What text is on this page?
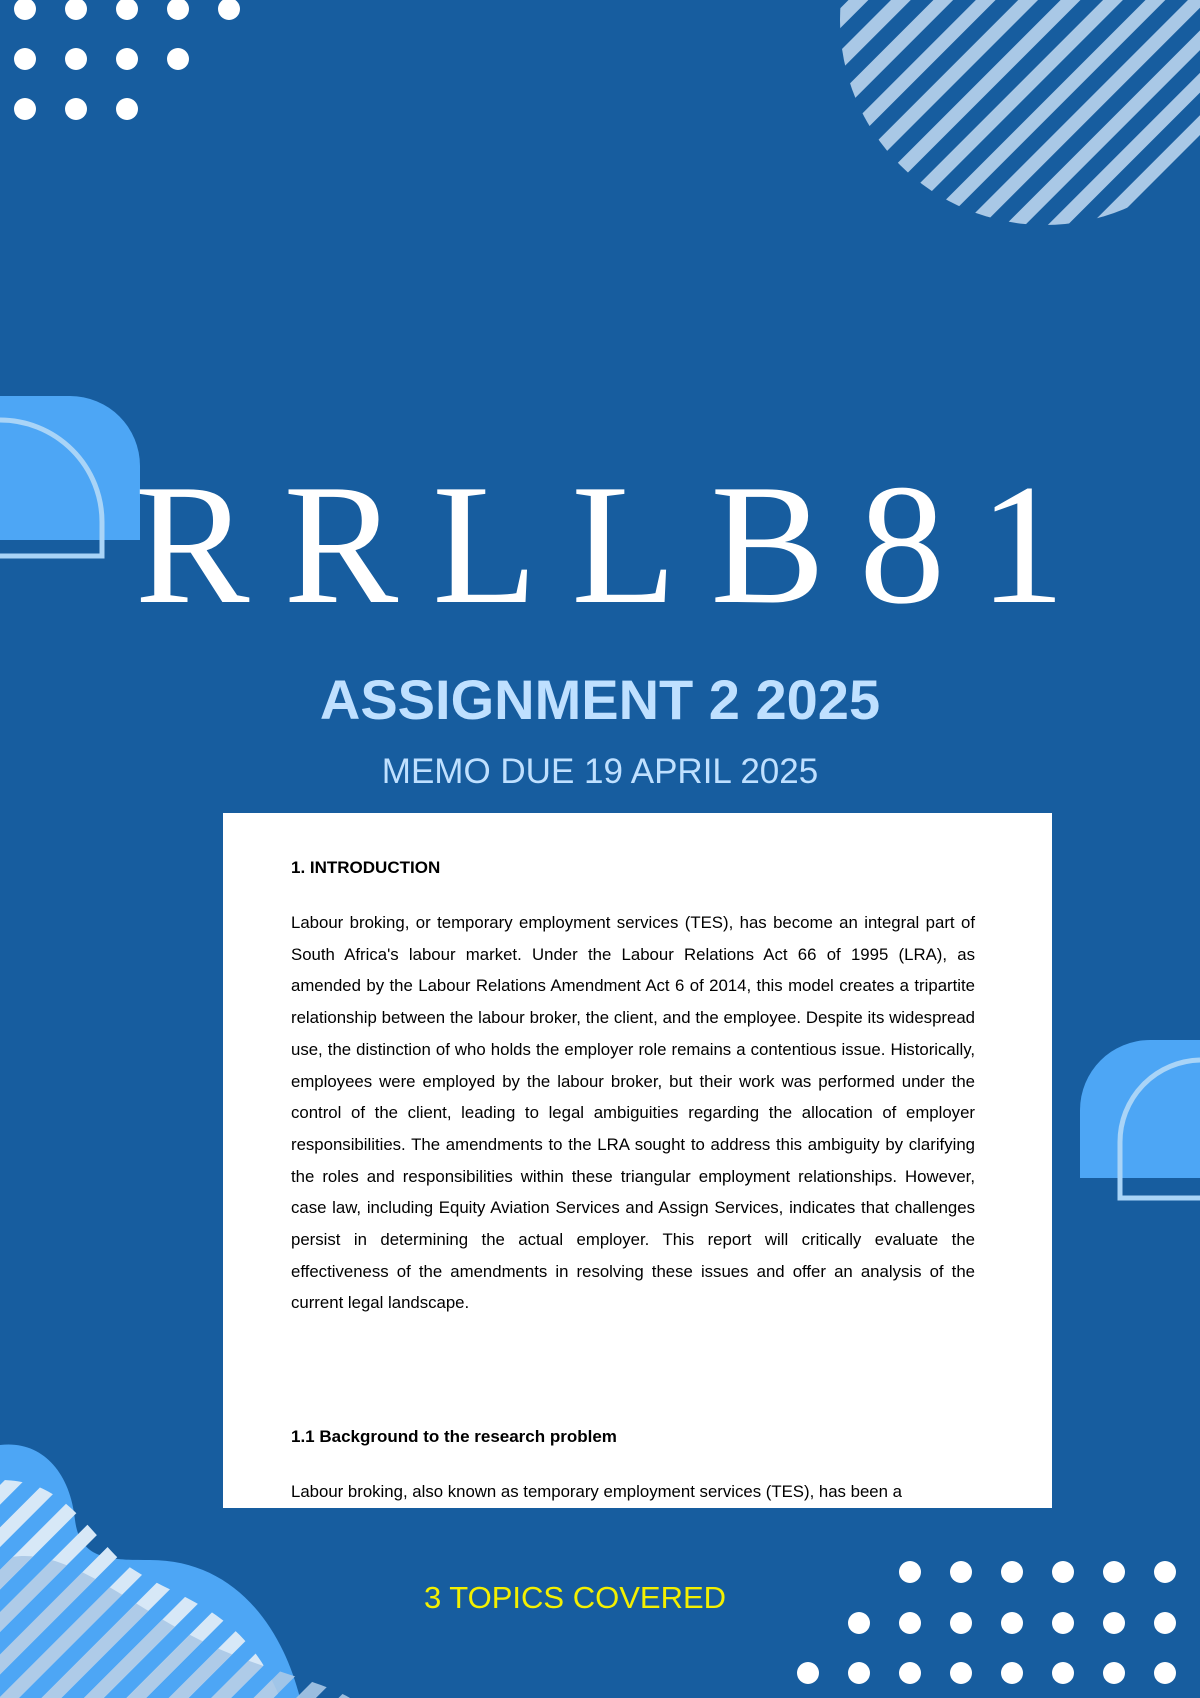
RRLLB81
ASSIGNMENT 2 2025
MEMO DUE 19 APRIL 2025
1. INTRODUCTION

Labour broking, or temporary employment services (TES), has become an integral part of South Africa's labour market. Under the Labour Relations Act 66 of 1995 (LRA), as amended by the Labour Relations Amendment Act 6 of 2014, this model creates a tripartite relationship between the labour broker, the client, and the employee. Despite its widespread use, the distinction of who holds the employer role remains a contentious issue. Historically, employees were employed by the labour broker, but their work was performed under the control of the client, leading to legal ambiguities regarding the allocation of employer responsibilities. The amendments to the LRA sought to address this ambiguity by clarifying the roles and responsibilities within these triangular employment relationships. However, case law, including Equity Aviation Services and Assign Services, indicates that challenges persist in determining the actual employer. This report will critically evaluate the effectiveness of the amendments in resolving these issues and offer an analysis of the current legal landscape.

1.1 Background to the research problem

Labour broking, also known as temporary employment services (TES), has been a

3 TOPICS COVERED
